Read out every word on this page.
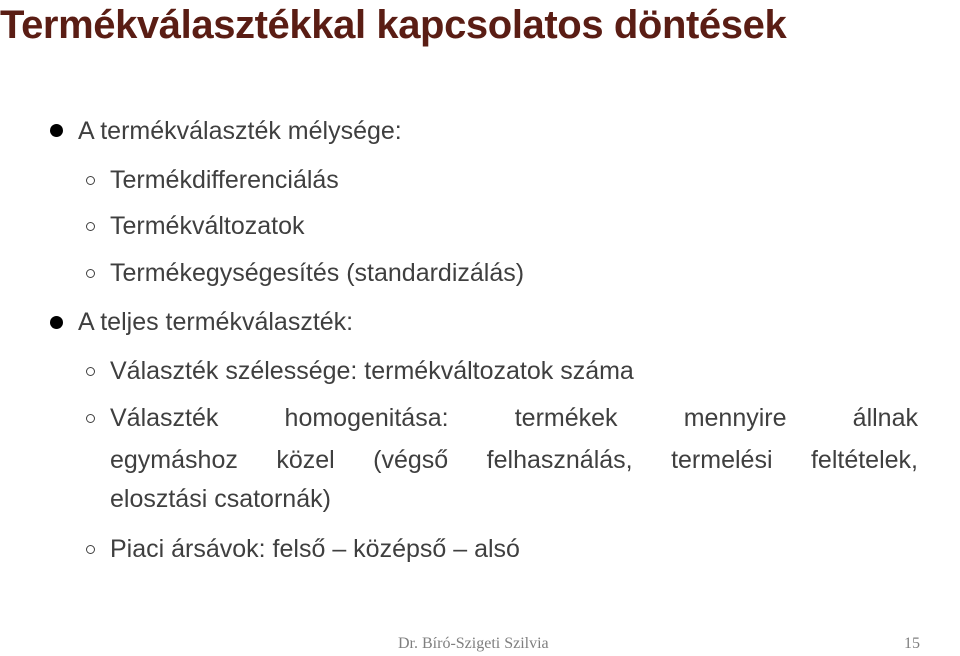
Termékválasztékkal kapcsolatos döntések
A termékválaszték mélysége:
Termékdifferenciálás
Termékváltozatok
Termékegységesítés (standardizálás)
A teljes termékválaszték:
Választék szélessége: termékváltozatok száma
Választék homogenitása: termékek mennyire állnak
egymáshoz közel (végső felhasználás, termelési feltételek,
elosztási csatornák)
Piaci ársávok: felső – középső – alsó
Dr. Bíró-Szigeti Szilvia	15
